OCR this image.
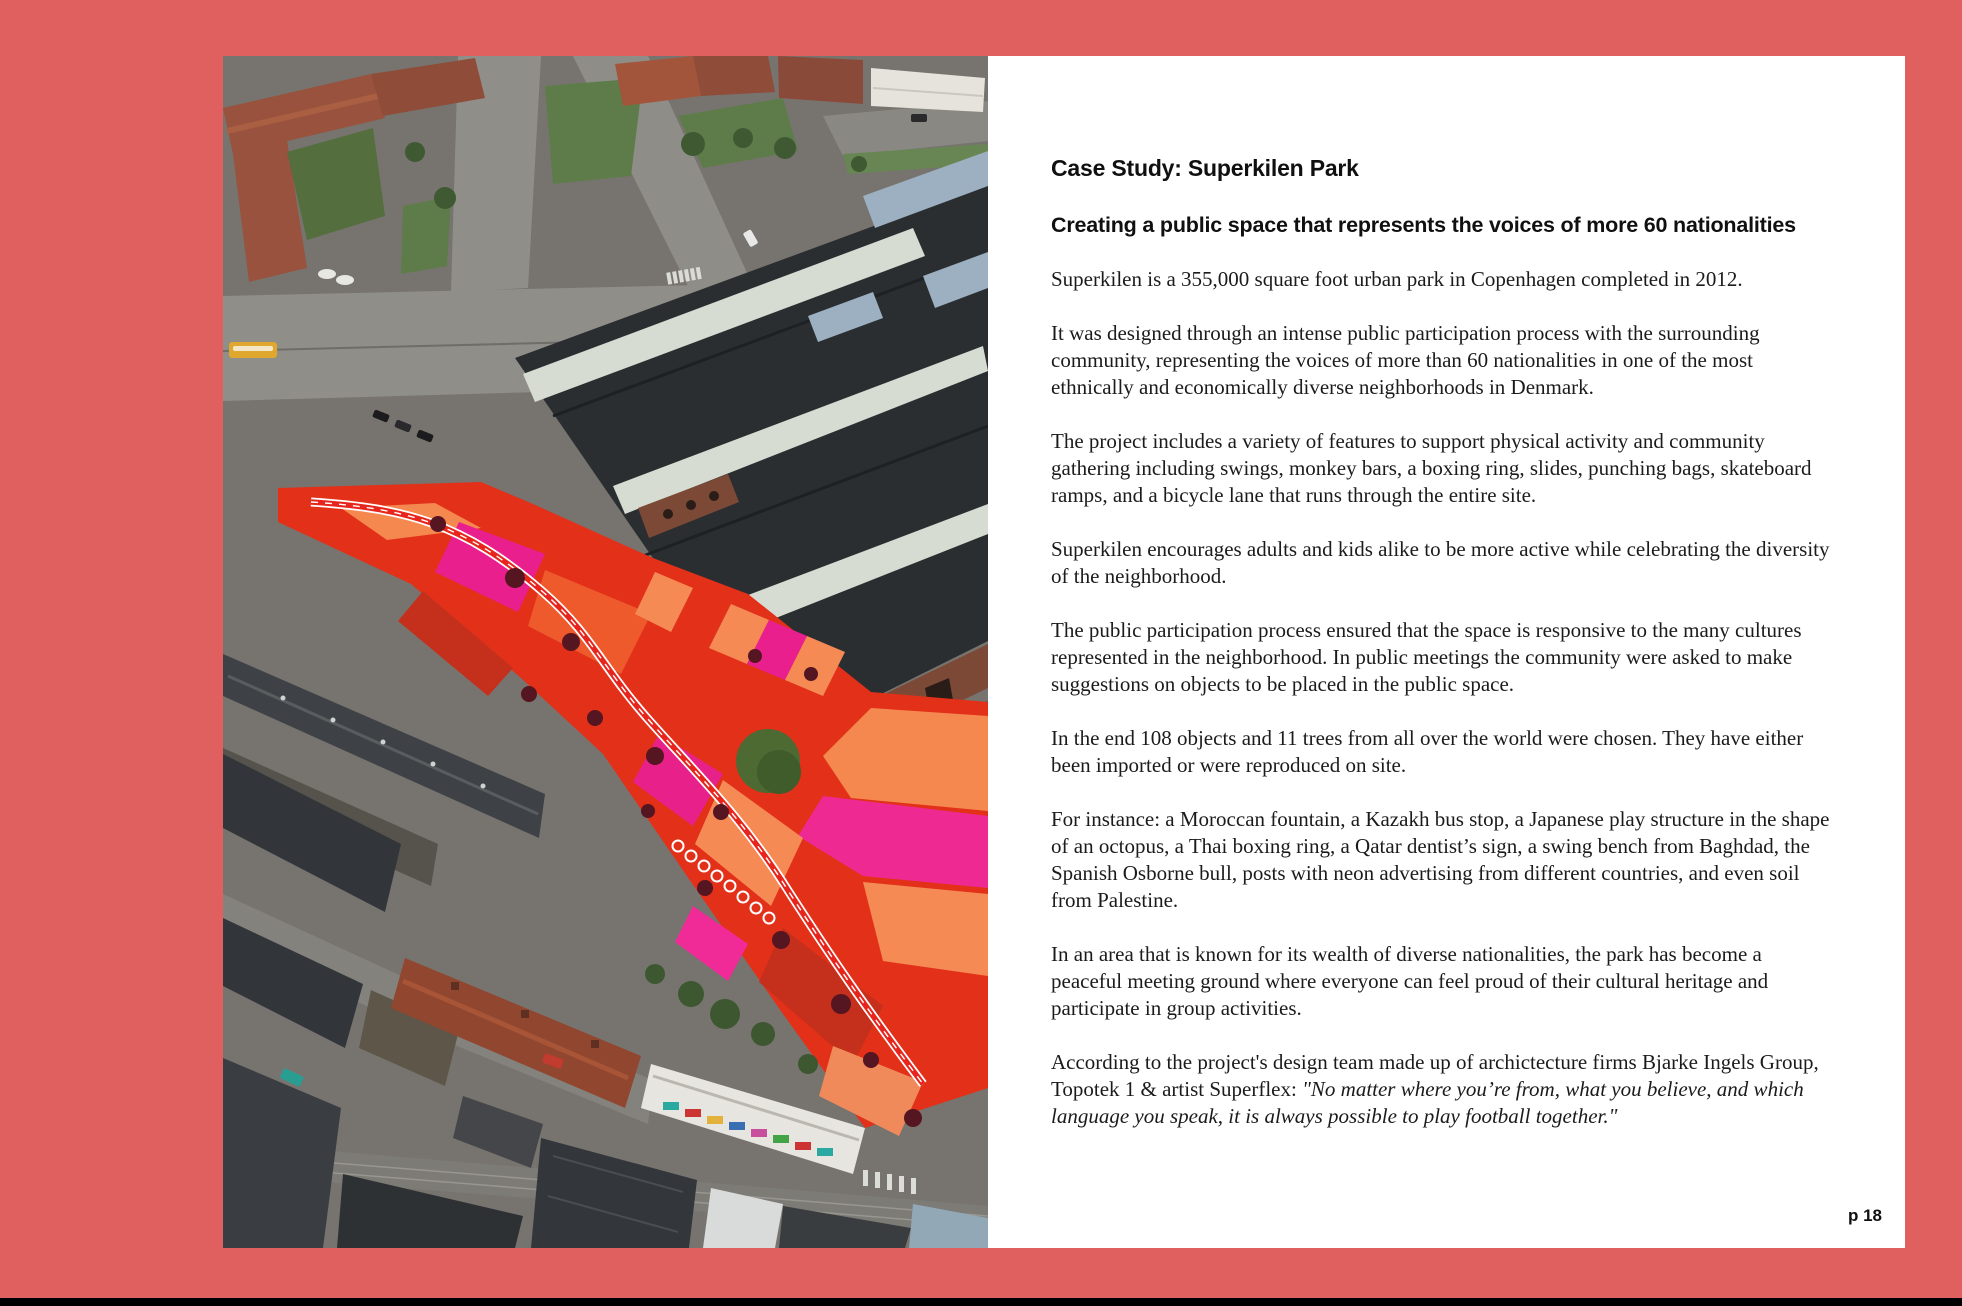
Case Study: Superkilen Park
Creating a public space that represents the voices of more 60 nationalities

Superkilen is a 355,000 square foot urban park in Copenhagen completed in 2012.

It was designed through an intense public participation process with the surrounding community, representing the voices of more than 60 nationalities in one of the most ethnically and economically diverse neighborhoods in Denmark.

The project includes a variety of features to support physical activity and community gathering including swings, monkey bars, a boxing ring, slides, punching bags, skateboard ramps, and a bicycle lane that runs through the entire site.

Superkilen encourages adults and kids alike to be more active while celebrating the diversity of the neighborhood.

The public participation process ensured that the space is responsive to the many cultures represented in the neighborhood. In public meetings the community were asked to make suggestions on objects to be placed in the public space.

In the end 108 objects and 11 trees from all over the world were chosen. They have either been imported or were reproduced on site.

For instance: a Moroccan fountain, a Kazakh bus stop, a Japanese play structure in the shape of an octopus, a Thai boxing ring, a Qatar dentist’s sign, a swing bench from Baghdad, the Spanish Osborne bull, posts with neon advertising from different countries, and even soil from Palestine.

In an area that is known for its wealth of diverse nationalities, the park has become a peaceful meeting ground where everyone can feel proud of their cultural heritage and participate in group activities.

According to the project's design team made up of archictecture firms Bjarke Ingels Group, Topotek 1 & artist Superflex: "No matter where you’re from, what you believe, and which language you speak, it is always possible to play football together."

p 18
